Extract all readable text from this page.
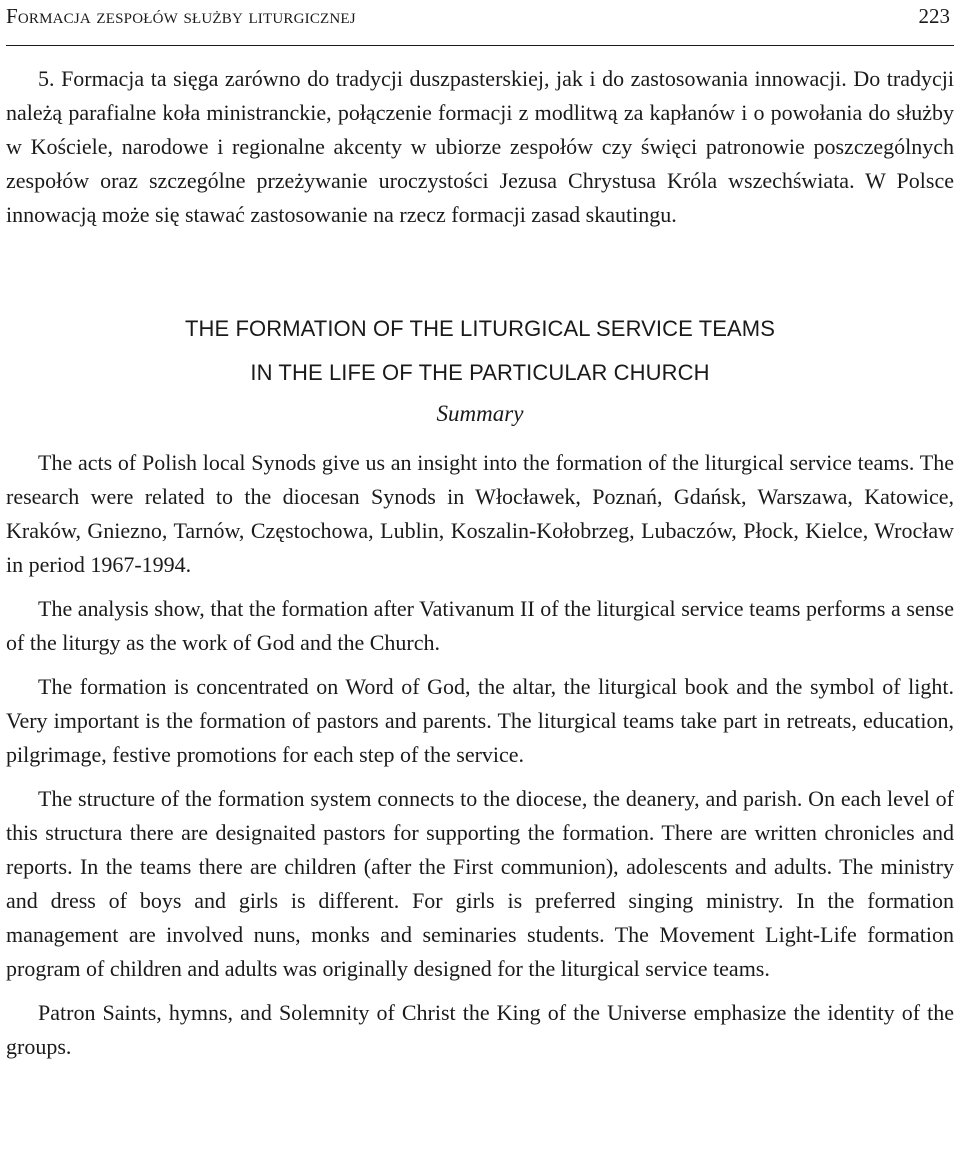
Formacja zespołów służby liturgicznej	223

5. Formacja ta sięga zarówno do tradycji duszpasterskiej, jak i do zastosowania innowacji. Do tradycji należą parafialne koła ministranckie, połączenie formacji z modlitwą za kapłanów i o powołania do służby w Kościele, narodowe i regionalne akcenty w ubiorze zespołów czy święci patronowie poszczególnych zespołów oraz szczególne przeżywanie uroczystości Jezusa Chrystusa Króla wszechświata. W Polsce innowacją może się stawać zastosowanie na rzecz formacji zasad skautingu.

THE FORMATION OF THE LITURGICAL SERVICE TEAMS

IN THE LIFE OF THE PARTICULAR CHURCH

Summary

The acts of Polish local Synods give us an insight into the formation of the liturgical service teams. The research were related to the diocesan Synods in Włocławek, Poznań, Gdańsk, Warszawa, Katowice, Kraków, Gniezno, Tarnów, Częstochowa, Lublin, Koszalin-Kołobrzeg, Lubaczów, Płock, Kielce, Wrocław in period 1967-1994.

The analysis show, that the formation after Vativanum II of the liturgical service teams performs a sense of the liturgy as the work of God and the Church.

The formation is concentrated on Word of God, the altar, the liturgical book and the symbol of light. Very important is the formation of pastors and parents. The liturgical teams take part in retreats, education, pilgrimage, festive promotions for each step of the service.

The structure of the formation system connects to the diocese, the deanery, and parish. On each level of this structura there are designaited pastors for supporting the formation. There are written chronicles and reports. In the teams there are children (after the First communion), adolescents and adults. The ministry and dress of boys and girls is different. For girls is preferred singing ministry. In the formation management are involved nuns, monks and seminaries students. The Movement Light-Life formation program of children and adults was originally designed for the liturgical service teams.

Patron Saints, hymns, and Solemnity of Christ the King of the Universe emphasize the identity of the groups.
